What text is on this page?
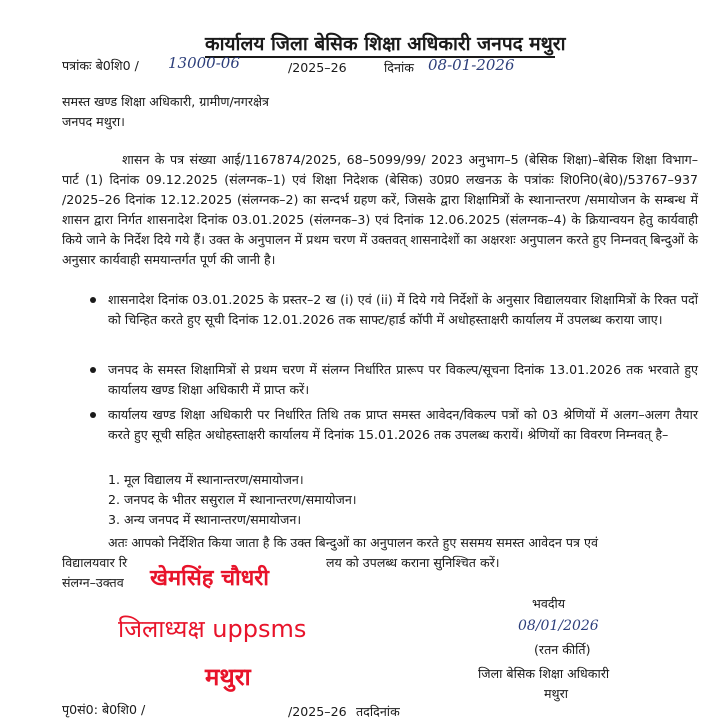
कार्यालय जिला बेसिक शिक्षा अधिकारी जनपद मथुरा
पत्रांकः बे0शि0 / 13000-06	/2025–26	दिनांक 08-01-2026
समस्त खण्ड शिक्षा अधिकारी, ग्रामीण/नगरक्षेत्र
जनपद मथुरा।
शासन के पत्र संख्या आई/1167874/2025, 68–5099/99/ 2023 अनुभाग–5 (बेसिक शिक्षा)–बेसिक शिक्षा विभाग–पार्ट (1) दिनांक 09.12.2025 (संलग्नक–1) एवं शिक्षा निदेशक (बेसिक) उ0प्र0 लखनऊ के पत्रांकः शि0नि0(बे0)/53767–937 /2025–26 दिनांक 12.12.2025 (संलग्नक–2) का सन्दर्भ ग्रहण करें, जिसके द्वारा शिक्षामित्रों के स्थानान्तरण /समायोजन के सम्बन्ध में शासन द्वारा निर्गत शासनादेश दिनांक 03.01.2025 (संलग्नक–3) एवं दिनांक 12.06.2025 (संलग्नक–4) के क्रियान्वयन हेतु कार्यवाही किये जाने के निर्देश दिये गये हैं। उक्त के अनुपालन में प्रथम चरण में उक्तवत् शासनादेशों का अक्षरशः अनुपालन करते हुए निम्नवत् बिन्दुओं के अनुसार कार्यवाही समयान्तर्गत पूर्ण की जानी है।
शासनादेश दिनांक 03.01.2025 के प्रस्तर–2 ख (i) एवं (ii) में दिये गये निर्देशों के अनुसार विद्यालयवार शिक्षामित्रों के रिक्त पदों को चिन्हित करते हुए सूची दिनांक 12.01.2026 तक साफ्ट/हार्ड कॉपी में अधोहस्ताक्षरी कार्यालय में उपलब्ध कराया जाए।
जनपद के समस्त शिक्षामित्रों से प्रथम चरण में संलग्न निर्धारित प्रारूप पर विकल्प/सूचना दिनांक 13.01.2026 तक भरवाते हुए कार्यालय खण्ड शिक्षा अधिकारी में प्राप्त करें।
कार्यालय खण्ड शिक्षा अधिकारी पर निर्धारित तिथि तक प्राप्त समस्त आवेदन/विकल्प पत्रों को 03 श्रेणियों में अलग–अलग तैयार करते हुए सूची सहित अधोहस्ताक्षरी कार्यालय में दिनांक 15.01.2026 तक उपलब्ध करायें। श्रेणियों का विवरण निम्नवत् है–
1. मूल विद्यालय में स्थानान्तरण/समायोजन।
2. जनपद के भीतर ससुराल में स्थानान्तरण/समायोजन।
3. अन्य जनपद में स्थानान्तरण/समायोजन।
अतः आपको निर्देशित किया जाता है कि उक्त बिन्दुओं का अनुपालन करते हुए ससमय समस्त आवेदन पत्र एवं
विद्यालयवार रि	लय को उपलब्ध कराना सुनिश्चित करें।
संलग्न–उक्तव खेमसिंह चौधरी
जिलाध्यक्ष uppsms
मथुरा
भवदीय
08/01/2026
(रतन कीर्ति)
जिला बेसिक शिक्षा अधिकारी
मथुरा
पृ0सं0: बे0शि0 /	/2025–26 तददिनांक
